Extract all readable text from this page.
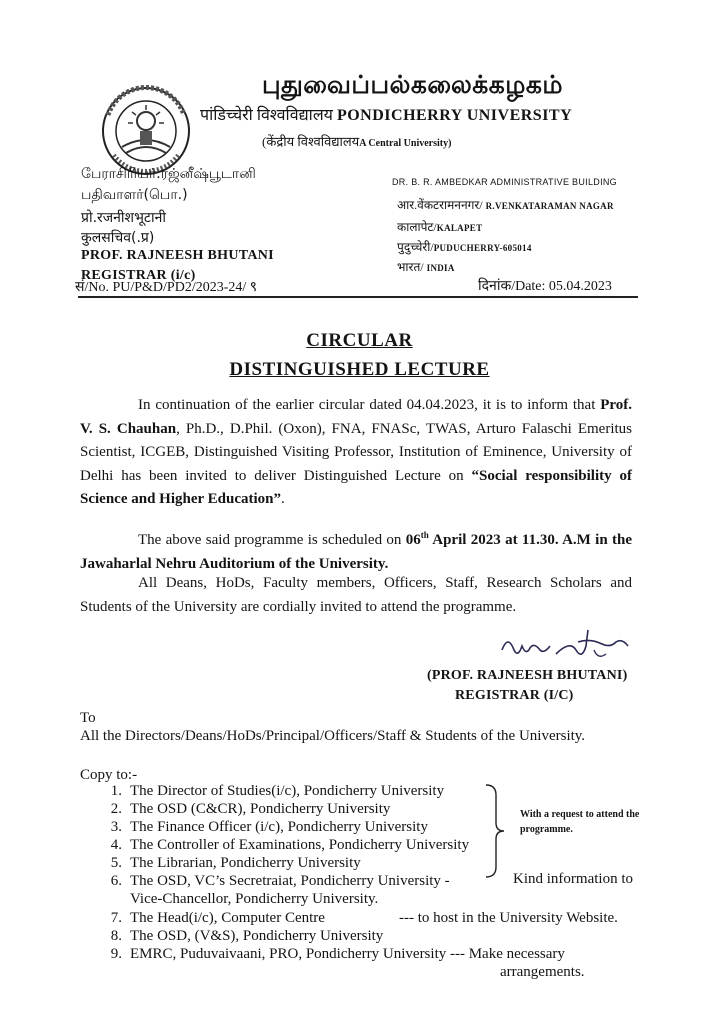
புதுவைப்பல்கலைக்கழகம்
पांडिच्चेरी विश्वविद्यालय PONDICHERRY UNIVERSITY
(केंद्रीय विश्वविद्यालयA Central University)
பேராசிரியர்.ரஜ்னீஷ்பூடானி
பதிவாளர்(பொ.)
प्रो.रजनीशभूटानी
कुलसचिव(.प्र)
PROF. RAJNEESH BHUTANI
REGISTRAR (i/c)
DR. B. R. AMBEDKAR ADMINISTRATIVE BUILDING
आर.वेंकटरामननगर/ R.VENKATARAMAN NAGAR
कालापेट/KALAPET
पुदुच्चेरी/PUDUCHERRY-605014
भारत/ INDIA
सं/No. PU/P&D/PD2/2023-24/ ९	दिनांक/Date: 05.04.2023
CIRCULAR
DISTINGUISHED LECTURE

In continuation of the earlier circular dated 04.04.2023, it is to inform that Prof. V. S. Chauhan, Ph.D., D.Phil. (Oxon), FNA, FNASc, TWAS, Arturo Falaschi Emeritus Scientist, ICGEB, Distinguished Visiting Professor, Institution of Eminence, University of Delhi has been invited to deliver Distinguished Lecture on “Social responsibility of Science and Higher Education”.

The above said programme is scheduled on 06th April 2023 at 11.30. A.M in the Jawaharlal Nehru Auditorium of the University.

All Deans, HoDs, Faculty members, Officers, Staff, Research Scholars and Students of the University are cordially invited to attend the programme.

(PROF. RAJNEESH BHUTANI)
REGISTRAR (I/C)
To
All the Directors/Deans/HoDs/Principal/Officers/Staff & Students of the University.
Copy to:-
1. The Director of Studies(i/c), Pondicherry University
2. The OSD (C&CR), Pondicherry University
3. The Finance Officer (i/c), Pondicherry University
4. The Controller of Examinations, Pondicherry University
5. The Librarian, Pondicherry University
6. The OSD, VC’s Secretraiat, Pondicherry University -
Vice-Chancellor, Pondicherry University.
7. The Head(i/c), Computer Centre	--- to host in the University Website.
8. The OSD, (V&S), Pondicherry University
9. EMRC, Puduvaivaani, PRO, Pondicherry University --- Make necessary
arrangements.
With a request to attend the programme.
Kind information to
